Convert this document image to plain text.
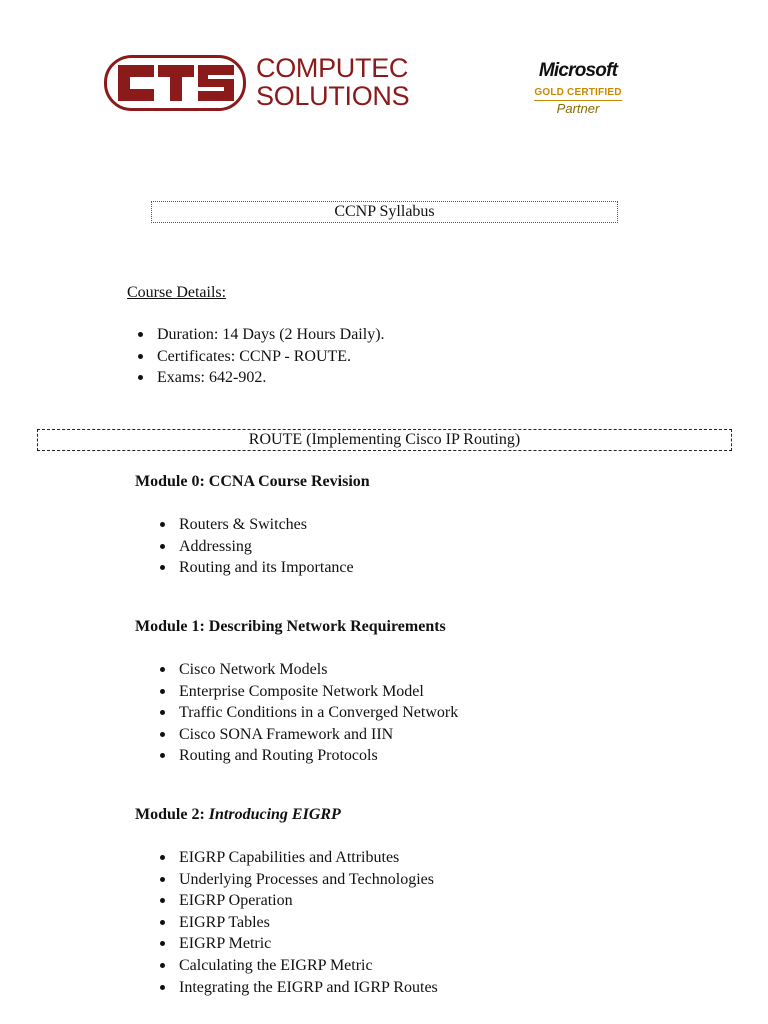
COMPUTEC
SOLUTIONS
Microsoft
GOLD CERTIFIED
Partner
CCNP Syllabus
Course Details:
Duration: 14 Days (2 Hours Daily).
Certificates: CCNP - ROUTE.
Exams: 642-902.
ROUTE (Implementing Cisco IP Routing)
Module 0: CCNA Course Revision
Routers & Switches
Addressing
Routing and its Importance
Module 1: Describing Network Requirements
Cisco Network Models
Enterprise Composite Network Model
Traffic Conditions in a Converged Network
Cisco SONA Framework and IIN
Routing and Routing Protocols
Module 2: Introducing EIGRP
EIGRP Capabilities and Attributes
Underlying Processes and Technologies
EIGRP Operation
EIGRP Tables
EIGRP Metric
Calculating the EIGRP Metric
Integrating the EIGRP and IGRP Routes
